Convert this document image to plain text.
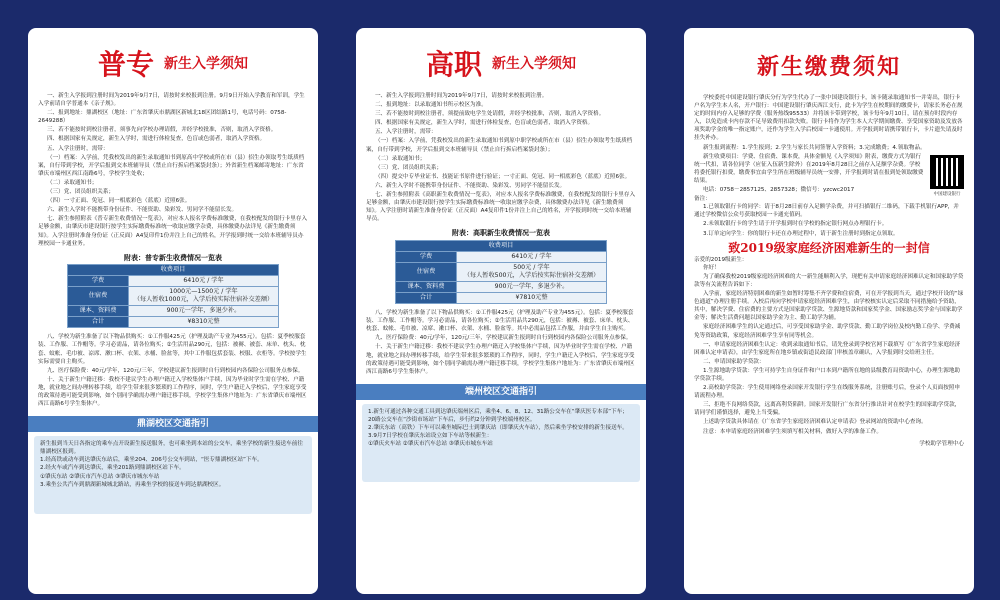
普专 新生入学须知

一、新生入学报到注册时间为2019年9月7日，请按时来校报到注册。9月9日开始入学教育和军训，学生入学前请自学普通本《亲子规》。

二、报到地址：鼎湖校区（地址：广东省肇庆市鼎湖区新城北18区团结路1号，电话号码：0758-2649288）

三、若不能按时到校注册者，须事先向学校办理请假，并经学校批准，否则，取消入学资格。

四、根据国家有关规定，新生入学时，需进行体检复查，色盲或色弱者，取消入学资格。

五、入学注册时，需带：

（一）档案：入学前，凭我校发出的新生录取通知书到原高中学校或所在市（县）招生办领取考生纸质档案，自行带到学校，开学后报到交本班辅导员（禁止自行拆启档案袋封条）；外省新生档案邮寄地址：广东省肇庆市端州区西江南路6号，学校学生处收；

（二）录取通知书；

（三）党、团员组织关系；

（四）一寸正面、免冠、同一相底彩色（蓝底）近照6张。

六、新生入学时不能携带身份证件、不能资助、染彩发、男同学不能留长发。

七、新生参照附表《普专新生收费情况一览表》，对应本人报名学费标准缴费，在我校配发的银行卡里存入足够金额，由肇庆市建设银行按学生实际缴费标准统一收取应缴学杂费，具体缴费办法详见《新生缴费须知》。入学注册时准备身份证（正反面）A4复印件1份并注上自己的姓名，开学报到时统一交给本班辅导员办理校园一卡通业务。

附表：普专新生收费情况一览表
收费项目	
学费	6410元 / 学年
住宿费	1000元—1500元 / 学年
（每人暂收1000元，入学后按实际住宿补交差额）
课本、资料费	900元一学年，多退少补。
合计	¥8310元整

八、学校为新生准备了以下物品供购买：①工作服425元（护理及助产专业为455元）。包括：夏季校服套装、工作服、工作帽等。学习必需品，请各位购买；②生活用品290元，包括：被褥、被套、床单、枕头、枕套、蚊帐、毛巾被、凉席、漱口杯、衣架、水桶、脸盆等，其中工作服包括套装、校服、衣柜等。学校按学生实际需要自主购买。

九、医疗保险费：40元/学年，120元/三年，学校建议新生报到时自行到校园内各保险公司服务点参保。

十、关于新生户籍迁移：我校不建议学生办理户籍迁入学校集体户手续，因为毕业时学生需在学校、户籍地，就业地之间办理转移手续，给学生带来很多繁琐的工作程序，同时，学生户籍迁入学校后，学生家庭享受的政策待遇可能受到影响，如个别同学确需办理户籍迁移手续，学校学生集体户地址为：广东省肇庆市端州区西江南路6号学生集体户。

鼎湖校区交通指引
新生报到当天日各指定的乘车点开设新生接送服务，也可乘坐到本站的公交车，乘坐学校的新生接送车前往鼎湖校区报到。
1.经高铁或动车到达肇庆东站后，乘坐204、206号公交车到站，“医专鼎湖校区站”下车。
2.经火车或汽车到达肇庆，乘坐201路到鼎湖校区站下车。
①肇庆东站 ②肇庆市汽车总站 ③肇庆市城东车站
3.乘坐公共汽车到鼎湖新城城北路站，再乘坐学校的接送车到达鼎湖校区。
高职 新生入学须知

一、新生入学报到注册时间为2019年9月7日，请按时来校报到注册。

二、报到地址：以录取通知书所示校区为准。

三、若不能按时到校注册者，须提前致电学生处请假，并经学校批准，否则，取消入学资格。

四、根据国家有关规定，新生入学时，需进行体检复查，色盲或色弱者，取消入学资格。

五、入学注册时，需带：

（一）档案：入学前，凭我校发出的新生录取通知书到原中职学校或所在市（县）招生办领取考生纸质档案，自行带到学校，开学后报到交本班辅导员（禁止自行拆启档案袋封条）；

（二）录取通知书；

（三）党、团员组织关系；

（四）提交中专毕业证书、技能证书原件进行验证；一寸正面、免冠、同一相底彩色（蓝底）近照6张。

六、新生入学时不能携带身份证件、不能资助、染彩发、男同学不能留长发。

七、新生参照附表《高职新生收费情况一览表》，对应本人报名学费标准缴费，在我校配发的银行卡里存入足够金额，由肇庆市建设银行按学生实际缴费标准统一收取应缴学杂费，具体缴费办法详见《新生缴费须知》。入学注册时请新生准备身份证（正反面）A4复印件1份并注上自己的姓名，开学报到时统一交给本班辅导员。

附表：高职新生收费情况一览表
收费项目	
学费	6410元 / 学年
住宿费	500元 / 学年
（每人暂收500元，入学后按实际住宿补交差额）
课本、资料费	900元一学年，多退少补。
合计	¥7810元整

八、学校为新生准备了以下物品供购买：①工作服425元（护理及助产专业为455元）。包括：夏季校服套装、工作服、工作帽等。学习必需品，请各位购买；②生活用品共290元，包括：被褥、被套、床单、枕头、枕套、蚊帐、毛巾被、凉席、漱口杯、衣架、水桶、脸盆等。其中必需品包括工作服，并由学生自主购买。

九、医疗保险费：40元/学年，120元/三年，学校建议新生报到时自行到校园内各保险公司服务点参保。

十、关于新生户籍迁移：我校不建议学生办理户籍迁入学校集体户手续，因为毕业时学生需在学校、户籍地，就业地之间办理转移手续，给学生带来很多繁琐的工作程序，同时，学生户籍迁入学校后，学生家庭享受的政策待遇可能受到影响，如个别同学确需办理户籍迁移手续，学校学生集体户地址为：广东省肇庆市端州区西江南路6号学生集体户。

端州校区交通指引
1.新生可通过各种交通工具到达肇庆端州区后，乘坐4、6、8、12、31路公交车在“肇庆医专本部”下车；20路公交车在“沙街市场站”下车后，步行约2分钟到学校端州校区。
2.肇庆东站（高铁）下车可以乘坐城际巴士到肇庆站（即肇庆火车站），然后乘坐学校安排的新生接送车。
3.9月7日学校在肇庆东站设立如下车站等候新生：
①肇庆火车站 ②肇庆市汽车总站 ③肇庆市城东车站
新生缴费须知

学校委托中国建设银行肇庆分行为学生代办了一张中国建设银行卡，该卡随录取通知书一并寄出，银行卡户名为学生本人名，开户银行：中国建设银行肇庆西江支行，此卡为学生在校期间的缴费卡，请家长务必在规定的时间内存入足够的学费（服务热线95533）并将该卡带到学校，该卡每年9月10日，请在预存时段内存入，以免造成卡内存款不足导致费用扣款失败。银行卡将作为学生本人大学期间缴费、享受国家资助及发放各项奖助学金的唯一指定账户，还作为学生入学后校园一卡通使用。开学报到时请携带银行卡，卡片遗失请及时挂失补办。

新生报到流程：1.学生报到；2.学生与家长共同签署入学资料；3.完成缴费；4.领取物品。

中国建设银行

新生收费项目：学费、住宿费、课本费，具体金额见《入学须知》附表，缴费方式为银行统一代扣，请各位同学（应征入伍新生除外）在2019年8月28日之前存入足额学杂费。学校将委托银行扣费，缴费事宜由学生所在班级辅导员统一安排，开学报到时请在报到处领取缴费结果。

电话：0758－2857125、2857328；微信号：yzcwc2017

备注：

1.已领取银行卡的同学：请于8月28日前存入足额学杂费，并可扫描银行二维码，下载手机银行APP，并通过学校微信公众号获取校园一卡通充值码。

2.未领取银行卡的学生请于开学报到时在学校的指定银行网点办理银行卡。

3.订单定向学生：你的银行卡还在办理过程中，请于新生注册时到指定点领取。

致2019级家庭经济困难新生的一封信
亲爱的2019级新生：

你好！

为了确保我校2019级家庭经济困难的大一新生能顺利入学，现把有关申请家庭经济困难认定和国家助学贷款等有关流程告诉如下：

入学前，家庭经济特别困难的新生如暂时筹集不齐学费和住宿费，可在开学报到当天，通过学校开设的“绿色通道”办理注册手续。入校后再向学校申请家庭经济困难学生，由学校核实认定后采取不同措施给予资助，其中，解决学费、住宿费的主要方式是国家助学贷款、生源地贷款和国家奖学金、国家励志奖学金与国家助学金等；解决生活费问题以国家助学金为主、勤工助学为辅。

家庭经济困难学生的认定通过后，可享受国家助学金、助学贷款、勤工助学岗位及校内勤工俭学、学费减免等资助政策，家庭经济困难学生享有同等机会。

一、申请家庭经济困难生认定：收到录取通知书后，请先登录到学校官网下载填写《广东省学生家庭经济困难认定申请表》，由学生家庭所在地乡镇或街道民政部门审核盖章确认，入学报到时交给班主任。

二、申请国家助学贷款：

1.生源地助学贷款：学生可持学生自身证件和户口本到户籍所在地的县级教育局资助中心，办理生源地助学贷款手续。

2.高校助学贷款：学生使用网络登录国家开发银行学生在线服务系统，注册账号后，登录个人页面按照申请流程办理。

三、拒绝不良网络贷款，远离高利贷陷阱。国家开发银行广东省分行推出针对在校学生的国家助学贷款，请同学们谨慎选择，避免上当受骗。

上述助学贷款具体请在《广东省学生家庭经济困难认定申请表》登录网站的资助中心查询。

注意：本申请家庭经济困难学生须填写相关材料，做好入学的准备工作。

学校助学管理中心
